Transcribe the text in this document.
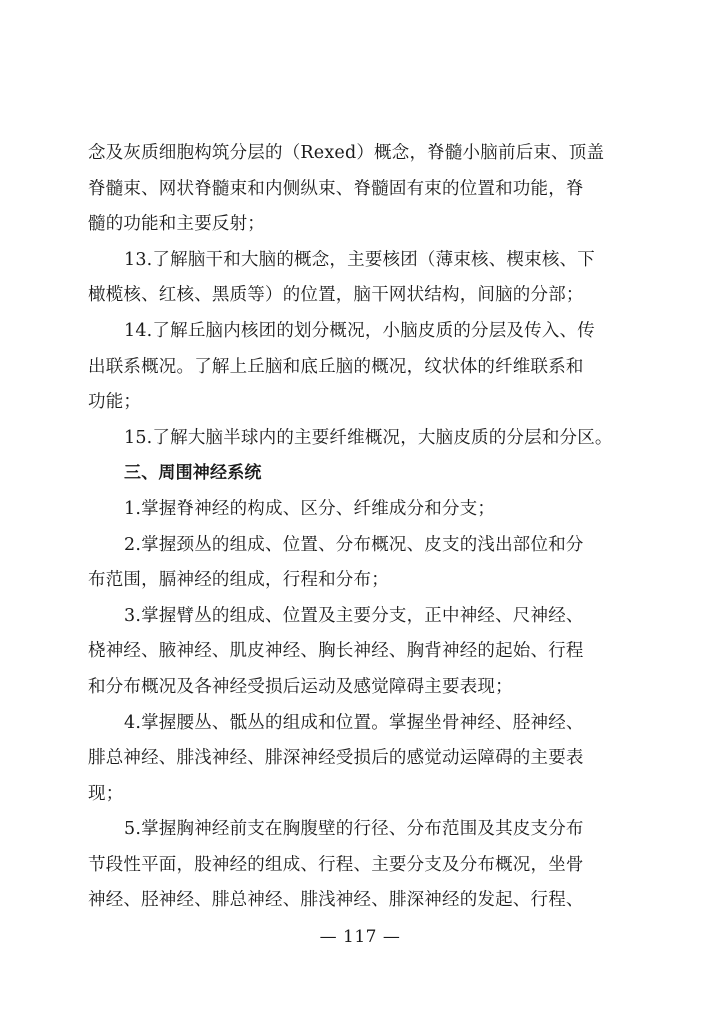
念及灰质细胞构筑分层的（Rexed）概念，脊髓小脑前后束、顶盖
脊髓束、网状脊髓束和内侧纵束、脊髓固有束的位置和功能，脊
髓的功能和主要反射；
13.了解脑干和大脑的概念，主要核团（薄束核、楔束核、下
橄榄核、红核、黑质等）的位置，脑干网状结构，间脑的分部；
14.了解丘脑内核团的划分概况，小脑皮质的分层及传入、传
出联系概况。了解上丘脑和底丘脑的概况，纹状体的纤维联系和
功能；
15.了解大脑半球内的主要纤维概况，大脑皮质的分层和分区。
三、周围神经系统
1.掌握脊神经的构成、区分、纤维成分和分支；
2.掌握颈丛的组成、位置、分布概况、皮支的浅出部位和分
布范围，膈神经的组成，行程和分布；
3.掌握臂丛的组成、位置及主要分支，正中神经、尺神经、
桡神经、腋神经、肌皮神经、胸长神经、胸背神经的起始、行程
和分布概况及各神经受损后运动及感觉障碍主要表现；
4.掌握腰丛、骶丛的组成和位置。掌握坐骨神经、胫神经、
腓总神经、腓浅神经、腓深神经受损后的感觉动运障碍的主要表
现；
5.掌握胸神经前支在胸腹壁的行径、分布范围及其皮支分布
节段性平面，股神经的组成、行程、主要分支及分布概况，坐骨
神经、胫神经、腓总神经、腓浅神经、腓深神经的发起、行程、
— 117 —
